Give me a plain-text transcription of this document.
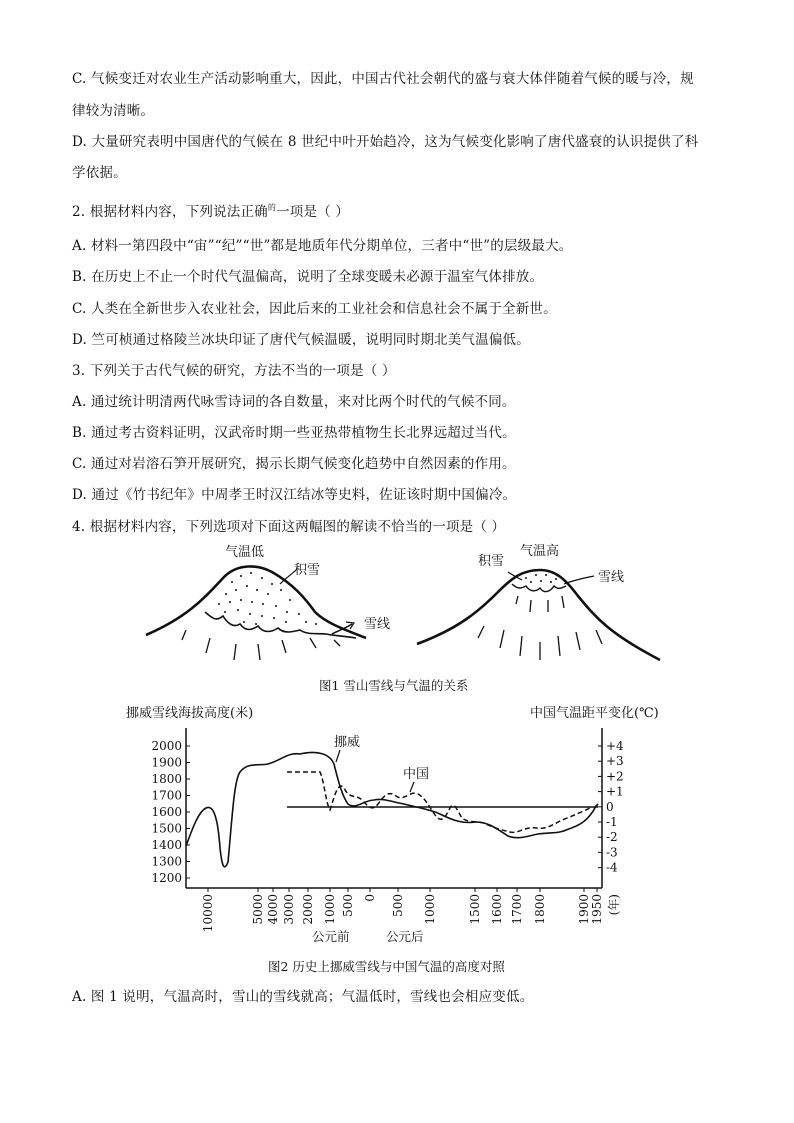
C. 气候变迁对农业生产活动影响重大，因此，中国古代社会朝代的盛与衰大体伴随着气候的暖与冷，规
律较为清晰。
D. 大量研究表明中国唐代的气候在 8 世纪中叶开始趋冷，这为气候变化影响了唐代盛衰的认识提供了科
学依据。
2. 根据材料内容，下列说法正确$^的$一项是（ ）
A. 材料一第四段中“宙”“纪”“世”都是地质年代分期单位，三者中“世”的层级最大。
B. 在历史上不止一个时代气温偏高，说明了全球变暖未必源于温室气体排放。
C. 人类在全新世步入农业社会，因此后来的工业社会和信息社会不属于全新世。
D. 竺可桢通过格陵兰冰块印证了唐代气候温暖，说明同时期北美气温偏低。
3. 下列关于古代气候的研究，方法不当的一项是（ ）
A. 通过统计明清两代咏雪诗词的各自数量，来对比两个时代的气候不同。
B. 通过考古资料证明，汉武帝时期一些亚热带植物生长北界远超过当代。
C. 通过对岩溶石笋开展研究，揭示长期气候变化趋势中自然因素的作用。
D. 通过《竹书纪年》中周孝王时汉江结冰等史料，佐证该时期中国偏冷。
4. 根据材料内容，下列选项对下面这两幅图的解读不恰当的一项是（ ）
气温低
积雪
雪线
气温高
积雪
雪线
图1 雪山雪线与气温的关系
挪威雪线海拔高度(米)	中国气温距平变化(℃)
2000
1900
1800
1700
1600
1500
1400
1300
1200
+4
+3
+2
+1
0
-1
-2
-3
-4
10000	5000 4000 3000 2000 1000 500 0 500 1000	1500 1600 1700 1800	1900 1950 (年)
挪威
中国
公元前	公元后
图2 历史上挪威雪线与中国气温的高度对照
A. 图 1 说明，气温高时，雪山的雪线就高；气温低时，雪线也会相应变低。
